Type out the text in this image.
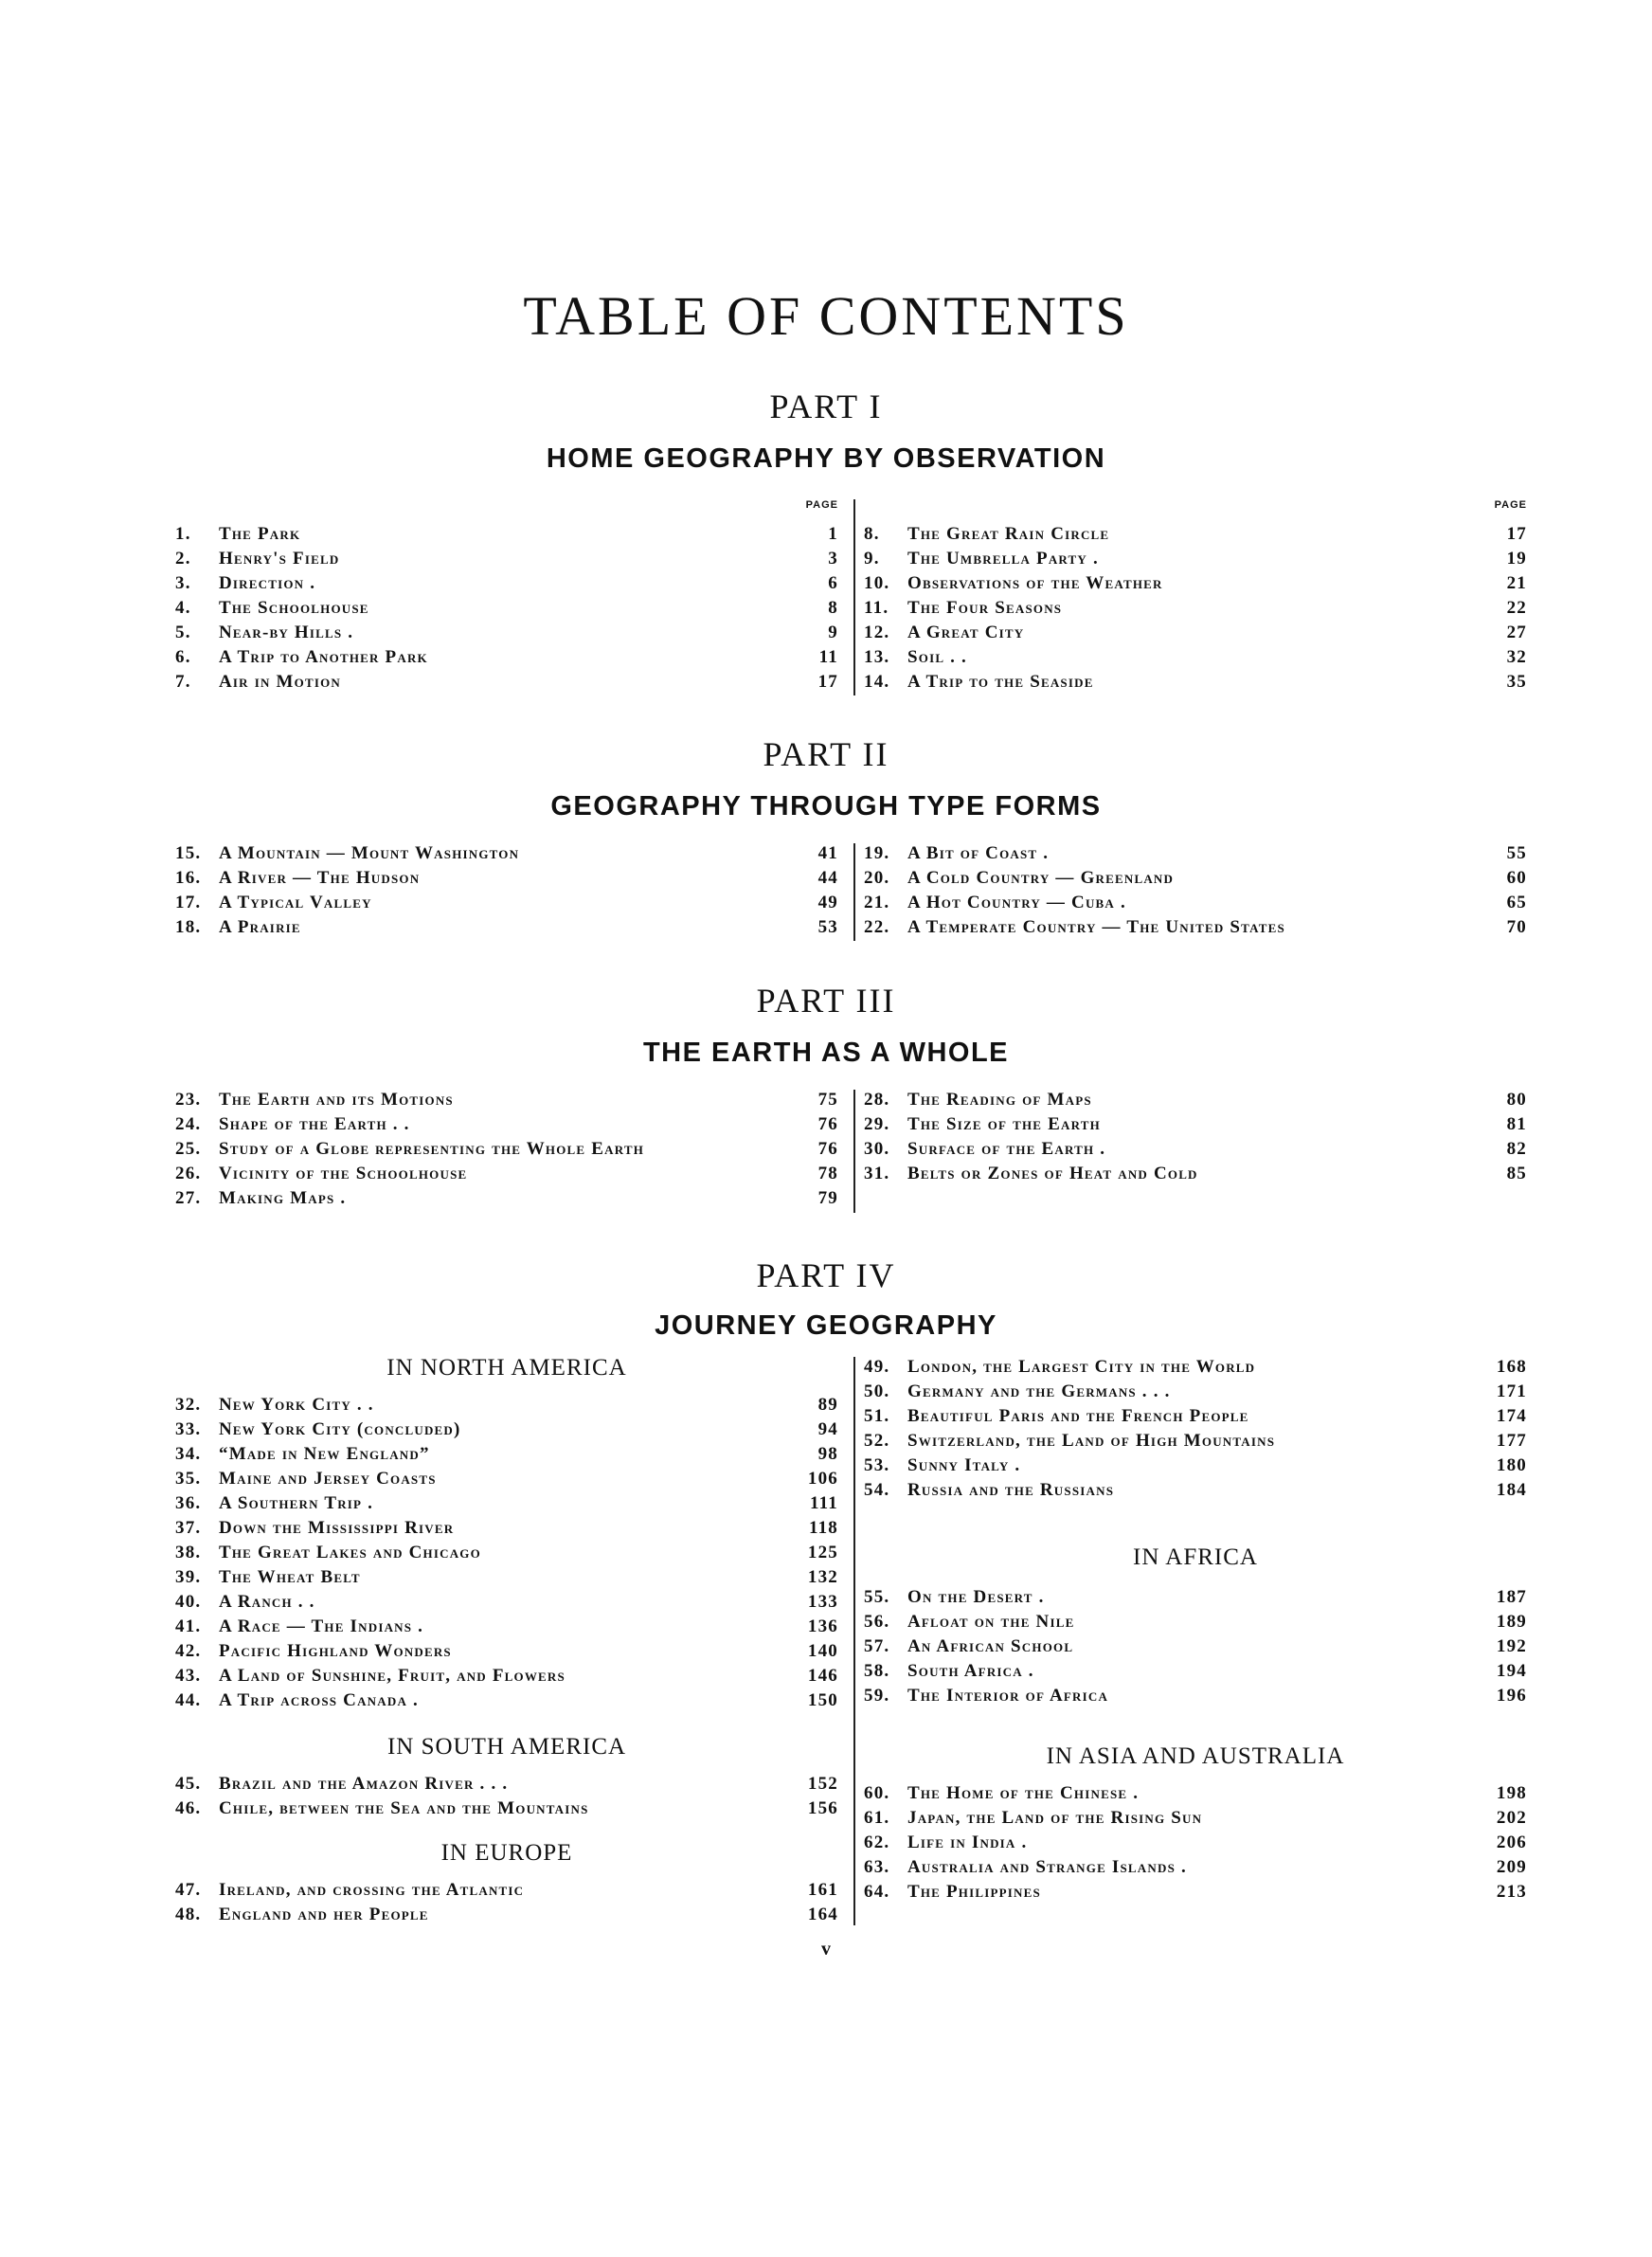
TABLE OF CONTENTS
PART I
HOME GEOGRAPHY BY OBSERVATION
PAGE
1.	The Park	1
2.	Henry's Field	3
3.	Direction .	6
4.	The Schoolhouse	8
5.	Near-by Hills .	9
6.	A Trip to Another Park	11
7.	Air in Motion	17
PAGE
8.	The Great Rain Circle	17
9.	The Umbrella Party .	19
10. Observations of the Weather	21
11.	The Four Seasons	22
12. A Great City	27
13. Soil . .	32
14. A Trip to the Seaside	35
PART II
GEOGRAPHY THROUGH TYPE FORMS
15. A Mountain — Mount Washington	41
16. A River — The Hudson	44
17. A Typical Valley	49
18. A Prairie	53
19. A Bit of Coast .	55
20. A Cold Country — Greenland	60
21. A Hot Country — Cuba .	65
22. A Temperate Country — The United States	70
PART III
THE EARTH AS A WHOLE
23. The Earth and its Motions	75
24. Shape of the Earth . .	76
25. Study of a Globe representing the Whole Earth	76
26. Vicinity of the Schoolhouse	78
27. Making Maps .	79
28. The Reading of Maps	80
29. The Size of the Earth	81
30. Surface of the Earth .	82
31. Belts or Zones of Heat and Cold	85
PART IV
JOURNEY GEOGRAPHY
IN NORTH AMERICA
32. New York City . .	89
33. New York City (concluded)	94
34. “Made in New England”	98
35. Maine and Jersey Coasts	106
36. A Southern Trip .	111
37. Down the Mississippi River	118
38. The Great Lakes and Chicago	125
39. The Wheat Belt	132
40. A Ranch . .	133
41. A Race — The Indians .	136
42. Pacific Highland Wonders	140
43. A Land of Sunshine, Fruit, and Flowers	146
44. A Trip across Canada .	150
IN SOUTH AMERICA
45. Brazil and the Amazon River . . .	152
46. Chile, between the Sea and the Mountains	156
IN EUROPE
47. Ireland, and crossing the Atlantic	161
48. England and her People	164
49. London, the Largest City in the World	168
50. Germany and the Germans . . .	171
51. Beautiful Paris and the French People	174
52. Switzerland, the Land of High Mountains	177
53. Sunny Italy .	180
54. Russia and the Russians	184
IN AFRICA
55. On the Desert .	187
56. Afloat on the Nile	189
57. An African School	192
58. South Africa .	194
59. The Interior of Africa	196
IN ASIA AND AUSTRALIA
60. The Home of the Chinese .	198
61. Japan, the Land of the Rising Sun	202
62. Life in India .	206
63. Australia and Strange Islands .	209
64. The Philippines	213
v
